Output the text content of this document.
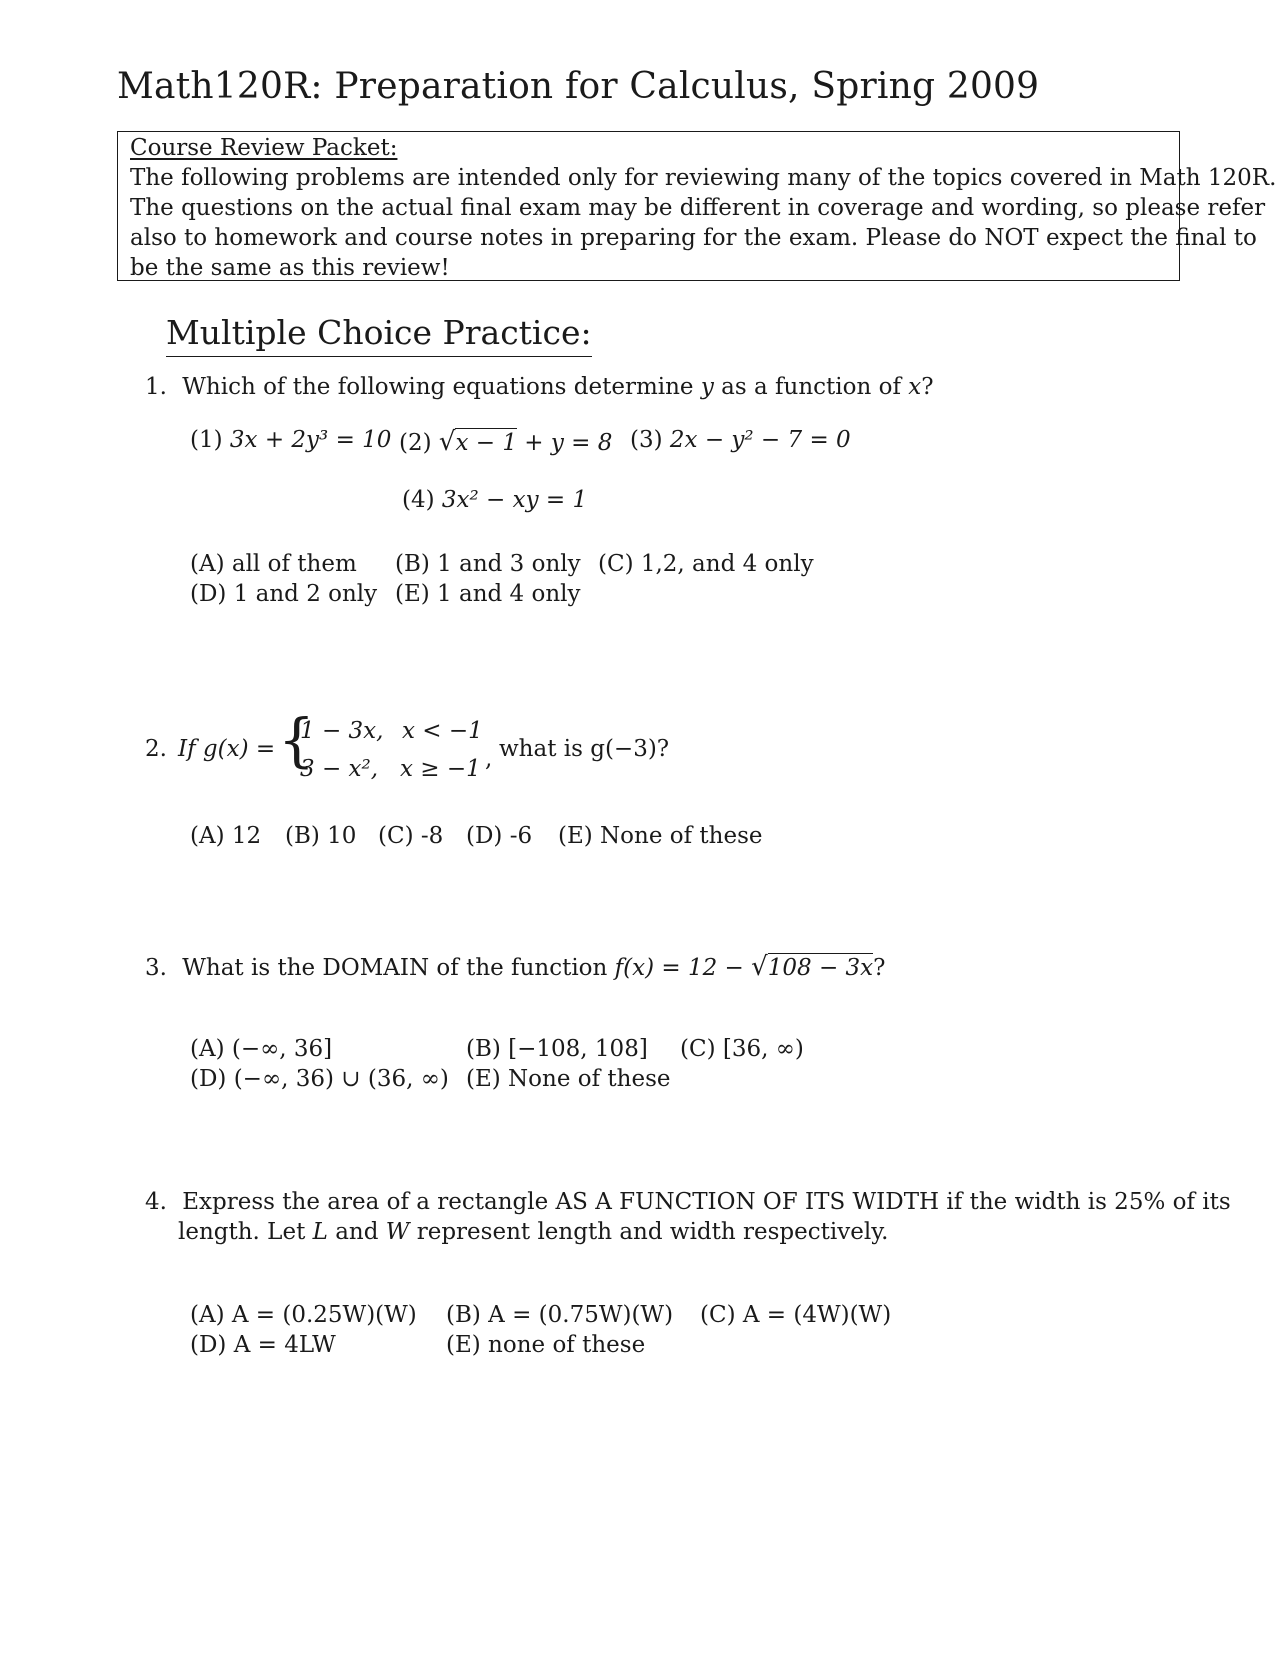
Math120R: Preparation for Calculus, Spring 2009
Course Review Packet:
The following problems are intended only for reviewing many of the topics covered in Math 120R.
The questions on the actual final exam may be different in coverage and wording, so please refer
also to homework and course notes in preparing for the exam. Please do NOT expect the final to
be the same as this review!
Multiple Choice Practice:
1. Which of the following equations determine y as a function of x?
(1) 3x + 2y³ = 10 (2) √x − 1 + y = 8 (3) 2x − y² − 7 = 0
(4) 3x² − xy = 1
(A) all of them (B) 1 and 3 only (C) 1,2, and 4 only
(D) 1 and 2 only (E) 1 and 4 only
2. If g(x) = {
1 − 3x, x < −1
3 − x², x ≥ −1 , what is g(−3)?
(A) 12 (B) 10 (C) -8 (D) -6 (E) None of these
3. What is the DOMAIN of the function f(x) = 12 − √108 − 3x?
(A) (−∞, 36]	(B) [−108, 108] (C) [36, ∞)
(D) (−∞, 36) ∪ (36, ∞) (E) None of these
4. Express the area of a rectangle AS A FUNCTION OF ITS WIDTH if the width is 25% of its
length. Let L and W represent length and width respectively.
(A) A = (0.25W)(W) (B) A = (0.75W)(W) (C) A = (4W)(W)
(D) A = 4LW	(E) none of these
